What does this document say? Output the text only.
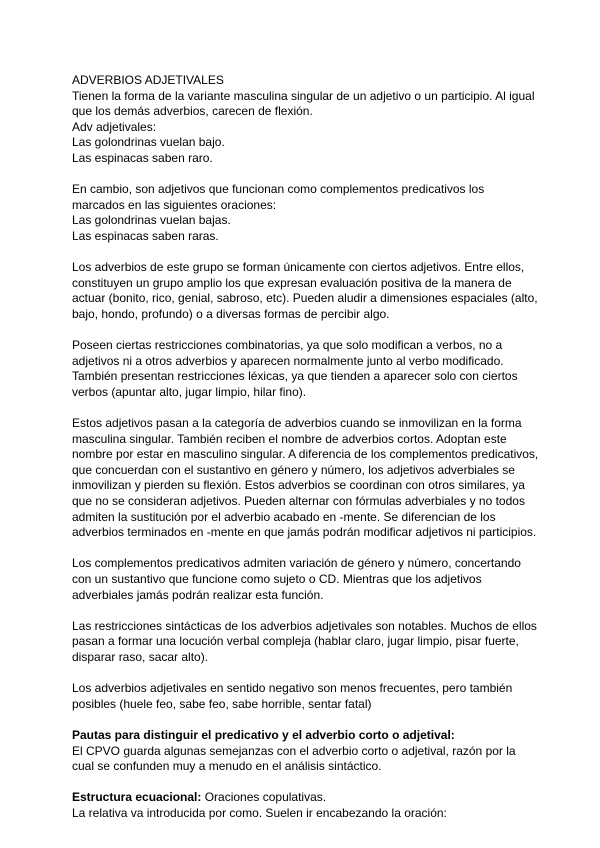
ADVERBIOS ADJETIVALES
Tienen la forma de la variante masculina singular de un adjetivo o un participio. Al igual que los demás adverbios, carecen de flexión.
Adv adjetivales:
Las golondrinas vuelan bajo.
Las espinacas saben raro.
En cambio, son adjetivos que funcionan como complementos predicativos los marcados en las siguientes oraciones:
Las golondrinas vuelan bajas.
Las espinacas saben raras.

Los adverbios de este grupo se forman únicamente con ciertos adjetivos. Entre ellos, constituyen un grupo amplio los que expresan evaluación positiva de la manera de actuar (bonito, rico, genial, sabroso, etc). Pueden aludir a dimensiones espaciales (alto, bajo, hondo, profundo) o a diversas formas de percibir algo.

Poseen ciertas restricciones combinatorias, ya que solo modifican a verbos, no a adjetivos ni a otros adverbios y aparecen normalmente junto al verbo modificado. También presentan restricciones léxicas, ya que tienden a aparecer solo con ciertos verbos (apuntar alto, jugar limpio, hilar fino).

Estos adjetivos pasan a la categoría de adverbios cuando se inmovilizan en la forma masculina singular. También reciben el nombre de adverbios cortos. Adoptan este nombre por estar en masculino singular. A diferencia de los complementos predicativos, que concuerdan con el sustantivo en género y número, los adjetivos adverbiales se inmovilizan y pierden su flexión. Estos adverbios se coordinan con otros similares, ya que no se consideran adjetivos. Pueden alternar con fórmulas adverbiales y no todos admiten la sustitución por el adverbio acabado en -mente. Se diferencian de los adverbios terminados en -mente en que jamás podrán modificar adjetivos ni participios.

Los complementos predicativos admiten variación de género y número, concertando con un sustantivo que funcione como sujeto o CD. Mientras que los adjetivos adverbiales jamás podrán realizar esta función.

Las restricciones sintácticas de los adverbios adjetivales son notables. Muchos de ellos pasan a formar una locución verbal compleja (hablar claro, jugar limpio, pisar fuerte, disparar raso, sacar alto).

Los adverbios adjetivales en sentido negativo son menos frecuentes, pero también posibles (huele feo, sabe feo, sabe horrible, sentar fatal)

Pautas para distinguir el predicativo y el adverbio corto o adjetival:
El CPVO guarda algunas semejanzas con el adverbio corto o adjetival, razón por la cual se confunden muy a menudo en el análisis sintáctico.
Estructura ecuacional: Oraciones copulativas.
La relativa va introducida por como. Suelen ir encabezando la oración:
